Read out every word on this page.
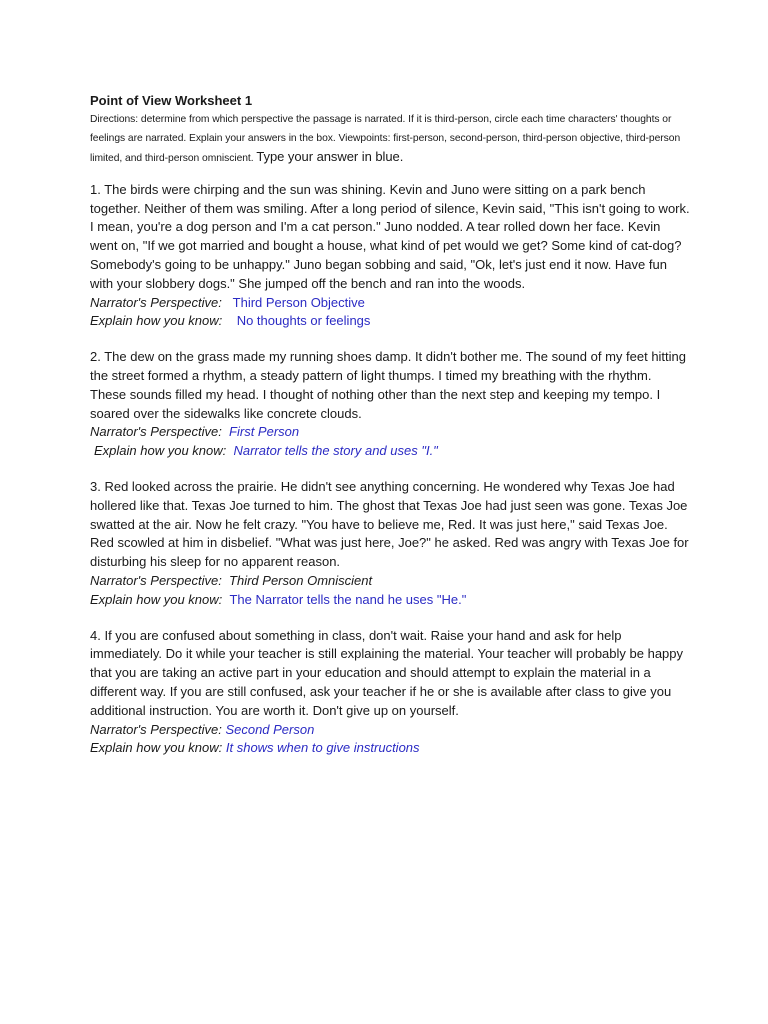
Point of View Worksheet 1

Directions: determine from which perspective the passage is narrated. If it is third-person, circle each time characters' thoughts or feelings are narrated. Explain your answers in the box. Viewpoints: first-person, second-person, third-person objective, third-person limited, and third-person omniscient. Type your answer in blue.

1. The birds were chirping and the sun was shining. Kevin and Juno were sitting on a park bench together. Neither of them was smiling. After a long period of silence, Kevin said, "This isn't going to work. I mean, you're a dog person and I'm a cat person." Juno nodded. A tear rolled down her face. Kevin went on, "If we got married and bought a house, what kind of pet would we get? Some kind of cat-dog? Somebody's going to be unhappy." Juno began sobbing and said, "Ok, let's just end it now. Have fun with your slobbery dogs." She jumped off the bench and ran into the woods.

Narrator's Perspective: Third Person Objective

Explain how you know: No thoughts or feelings

2. The dew on the grass made my running shoes damp. It didn't bother me. The sound of my feet hitting the street formed a rhythm, a steady pattern of light thumps. I timed my breathing with the rhythm. These sounds filled my head. I thought of nothing other than the next step and keeping my tempo. I soared over the sidewalks like concrete clouds.

Narrator's Perspective: First Person

Explain how you know: Narrator tells the story and uses "I."

3. Red looked across the prairie. He didn't see anything concerning. He wondered why Texas Joe had hollered like that. Texas Joe turned to him. The ghost that Texas Joe had just seen was gone. Texas Joe swatted at the air. Now he felt crazy. "You have to believe me, Red. It was just here," said Texas Joe. Red scowled at him in disbelief. "What was just here, Joe?" he asked. Red was angry with Texas Joe for disturbing his sleep for no apparent reason.

Narrator's Perspective: Third Person Omniscient

Explain how you know: The Narrator tells the nand he uses "He."

4. If you are confused about something in class, don't wait. Raise your hand and ask for help immediately. Do it while your teacher is still explaining the material. Your teacher will probably be happy that you are taking an active part in your education and should attempt to explain the material in a different way. If you are still confused, ask your teacher if he or she is available after class to give you additional instruction. You are worth it. Don't give up on yourself.

Narrator's Perspective: Second Person

Explain how you know: It shows when to give instructions
